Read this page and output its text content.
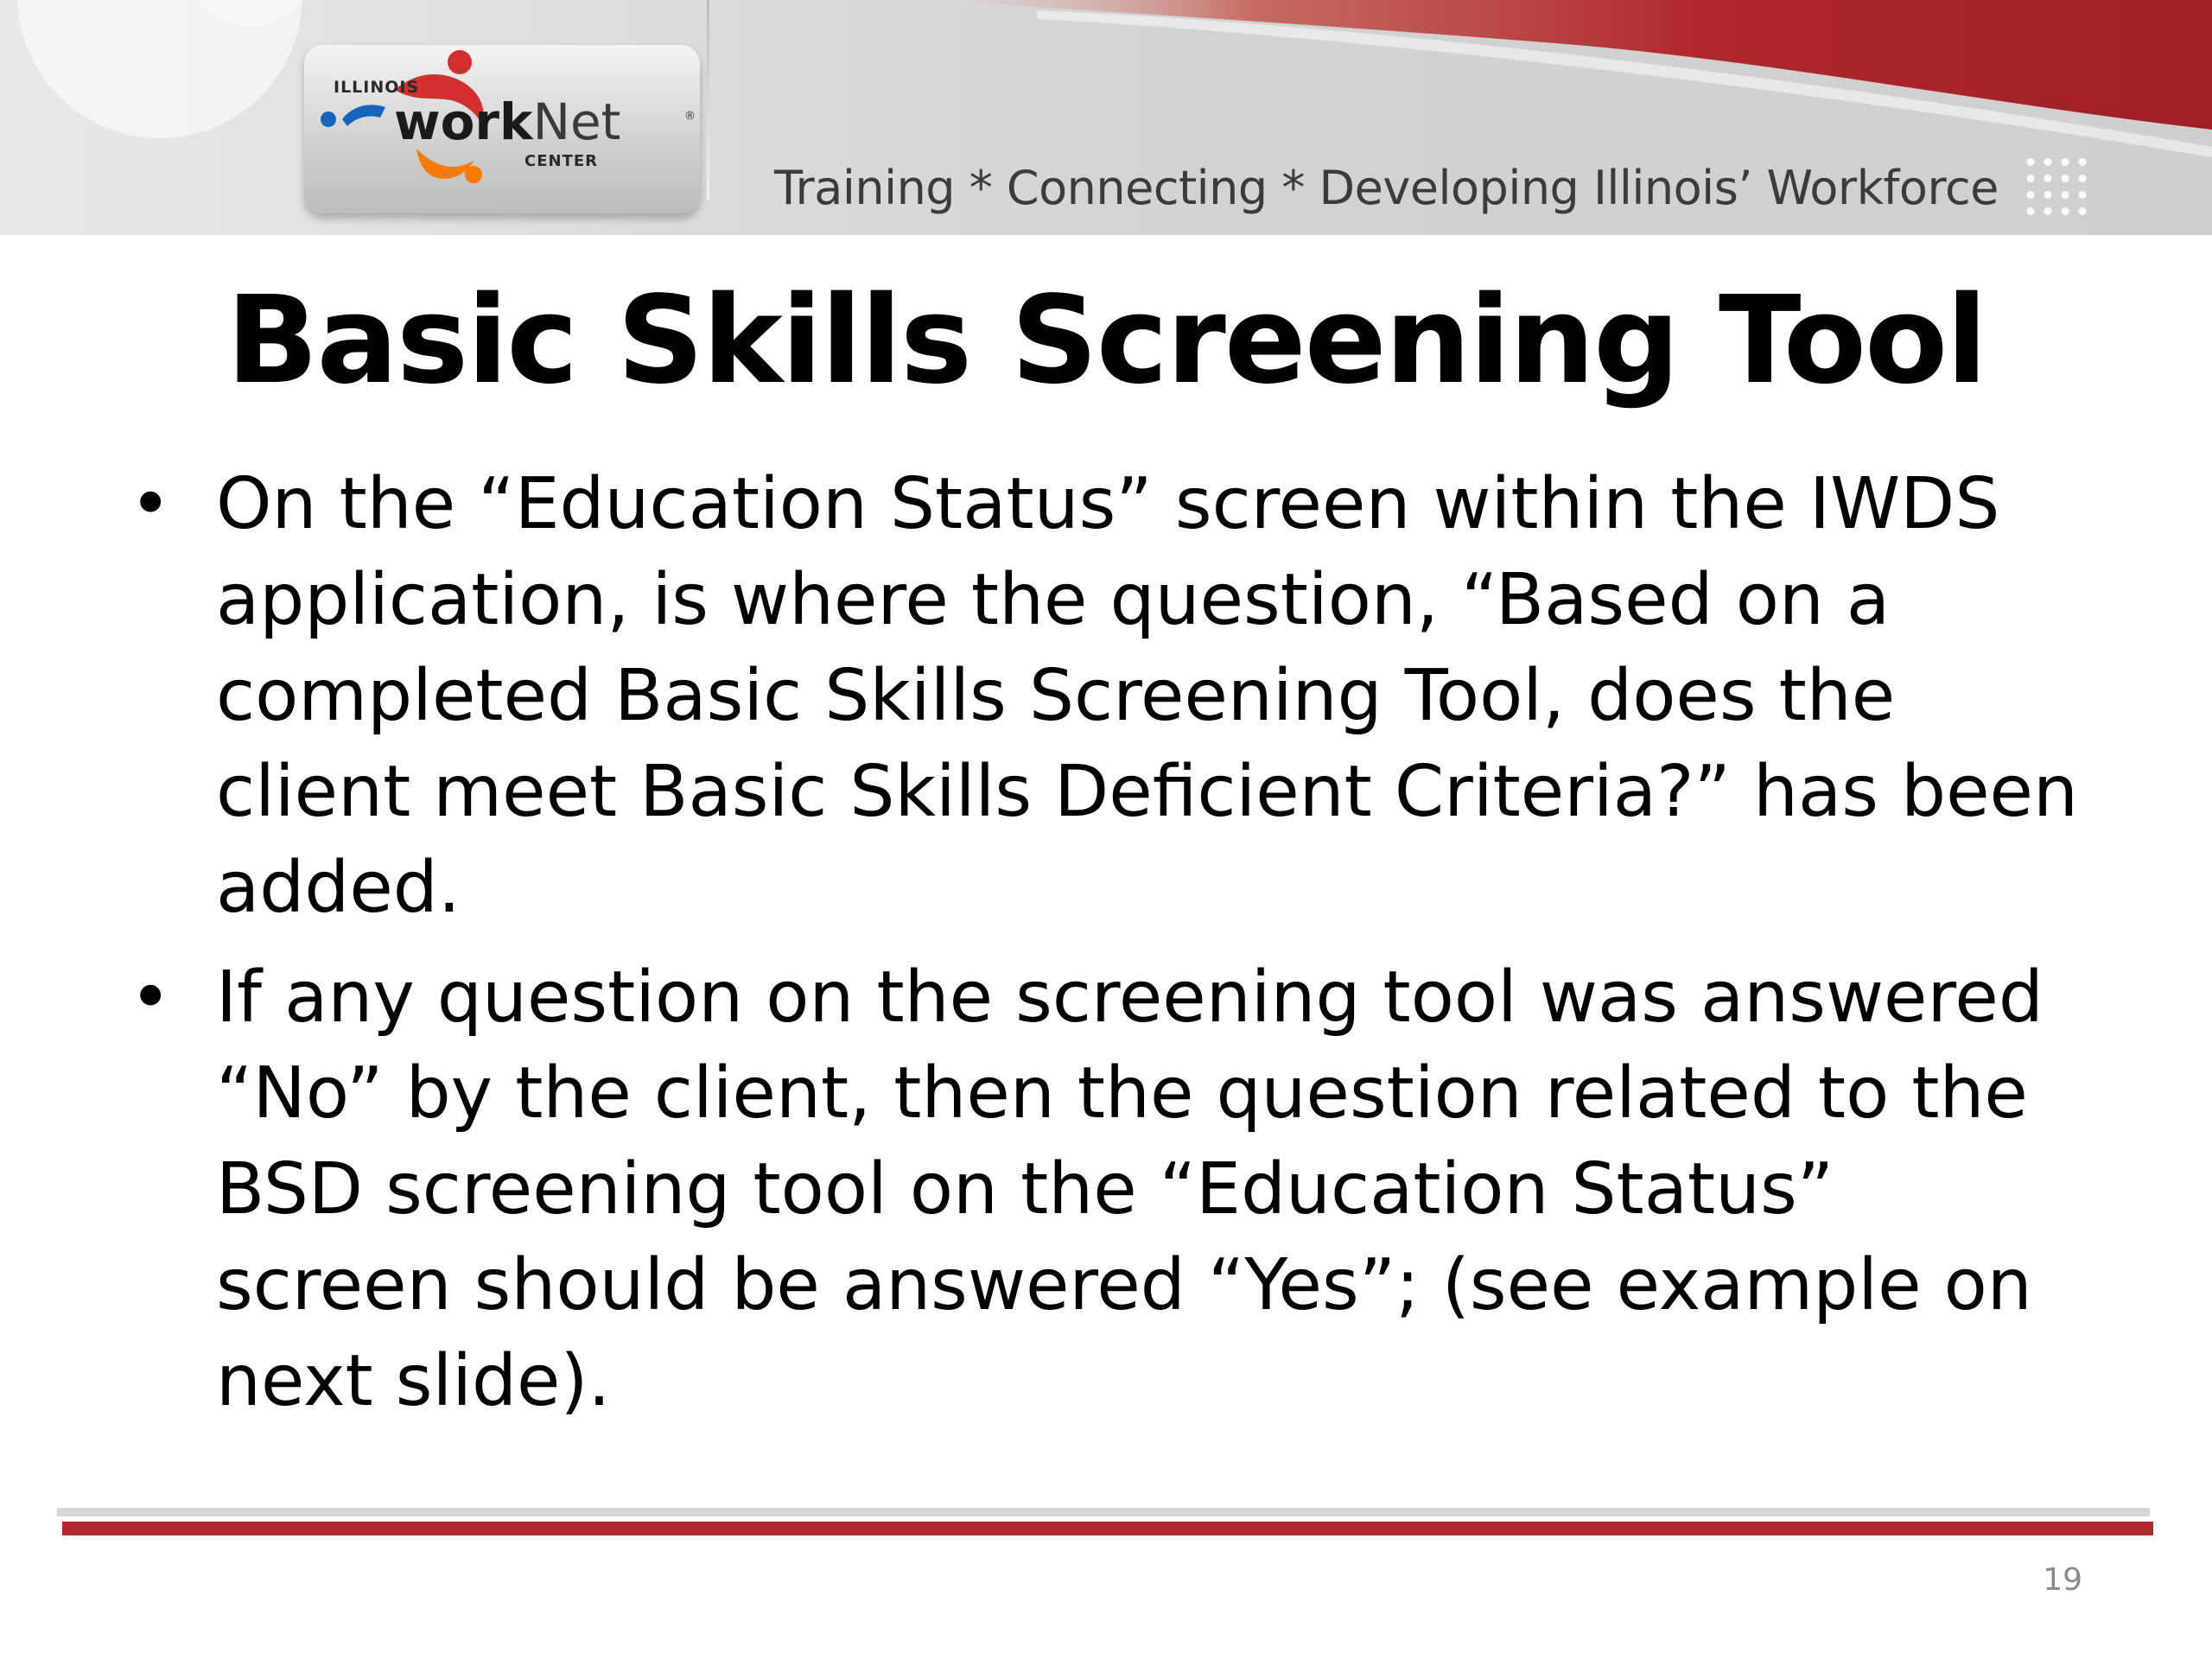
ILLINOIS
workNet	®
CENTER	Training * Connecting * Developing Illinois’ Workforce
Basic Skills Screening Tool
• On the “Education Status” screen within the IWDS application, is where the question, “Based on a completed Basic Skills Screening Tool, does the client meet Basic Skills Deficient Criteria?” has been added.
• If any question on the screening tool was answered “No” by the client, then the question related to the BSD screening tool on the “Education Status” screen should be answered “Yes”; (see example on next slide).
19
